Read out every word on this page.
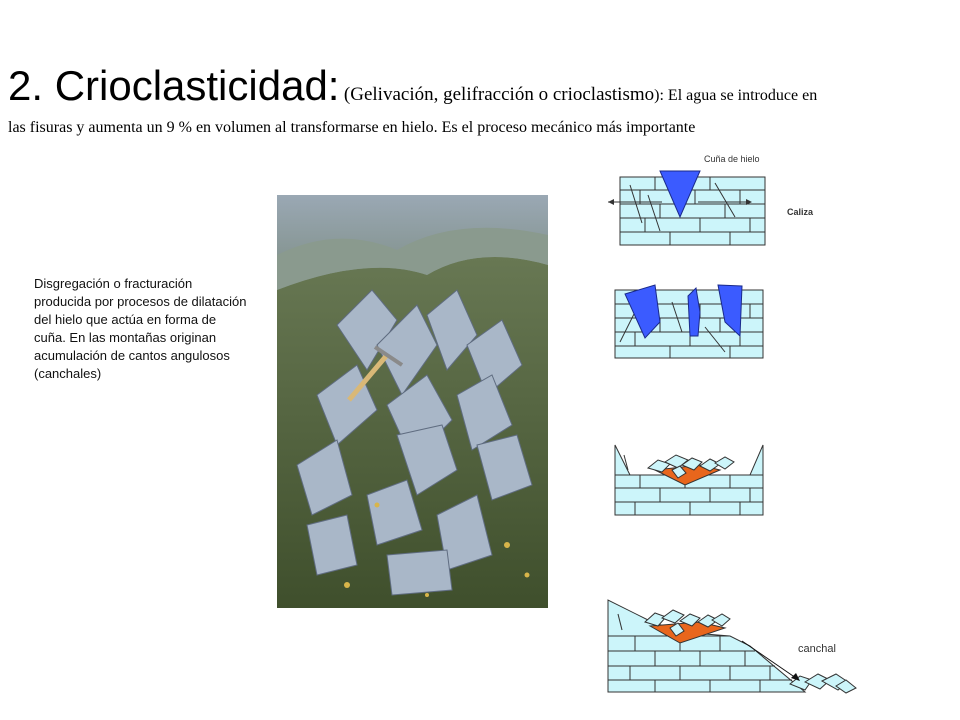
2. Crioclasticidad: (Gelivación, gelifracción o crioclastismo): El agua se introduce en
las fisuras y aumenta un 9 % en volumen al transformarse en hielo. Es el proceso mecánico más importante
Disgregación o fracturación producida por procesos de dilatación del hielo que actúa en forma de cuña. En las montañas originan acumulación de cantos angulosos (canchales)
Cuña de hielo
Caliza
canchal
